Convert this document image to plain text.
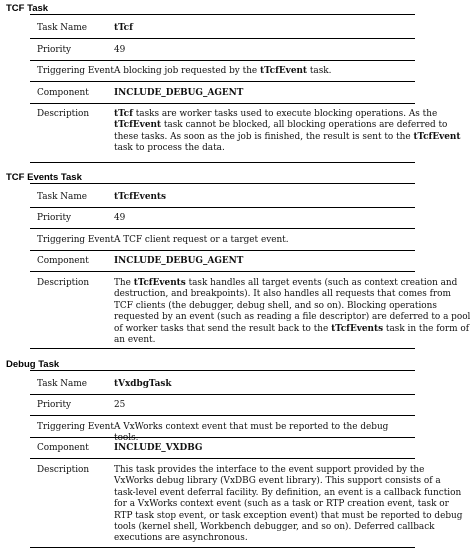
TCF Task
Task Name	tTcf
Priority	49
Triggering Event A blocking job requested by the tTcfEvent task.
Component	INCLUDE_DEBUG_AGENT
Description	tTcf tasks are worker tasks used to execute blocking operations. As the
tTcfEvent task cannot be blocked, all blocking operations are deferred to
these tasks. As soon as the job is finished, the result is sent to the tTcfEvent
task to process the data.
TCF Events Task
Task Name	tTcfEvents
Priority	49
Triggering Event A TCF client request or a target event.
Component	INCLUDE_DEBUG_AGENT
Description	The tTcfEvents task handles all target events (such as context creation and
destruction, and breakpoints). It also handles all requests that comes from
TCF clients (the debugger, debug shell, and so on). Blocking operations
requested by an event (such as reading a file descriptor) are deferred to a pool
of worker tasks that send the result back to the tTcfEvents task in the form of
an event.
Debug Task
Task Name	tVxdbgTask
Priority	25
Triggering Event A VxWorks context event that must be reported to the debug tools.
Component	INCLUDE_VXDBG
Description	This task provides the interface to the event support provided by the
VxWorks debug library (VxDBG event library). This support consists of a
task-level event deferral facility. By definition, an event is a callback function
for a VxWorks context event (such as a task or RTP creation event, task or
RTP task stop event, or task exception event) that must be reported to debug
tools (kernel shell, Workbench debugger, and so on). Deferred callback
executions are asynchronous.
